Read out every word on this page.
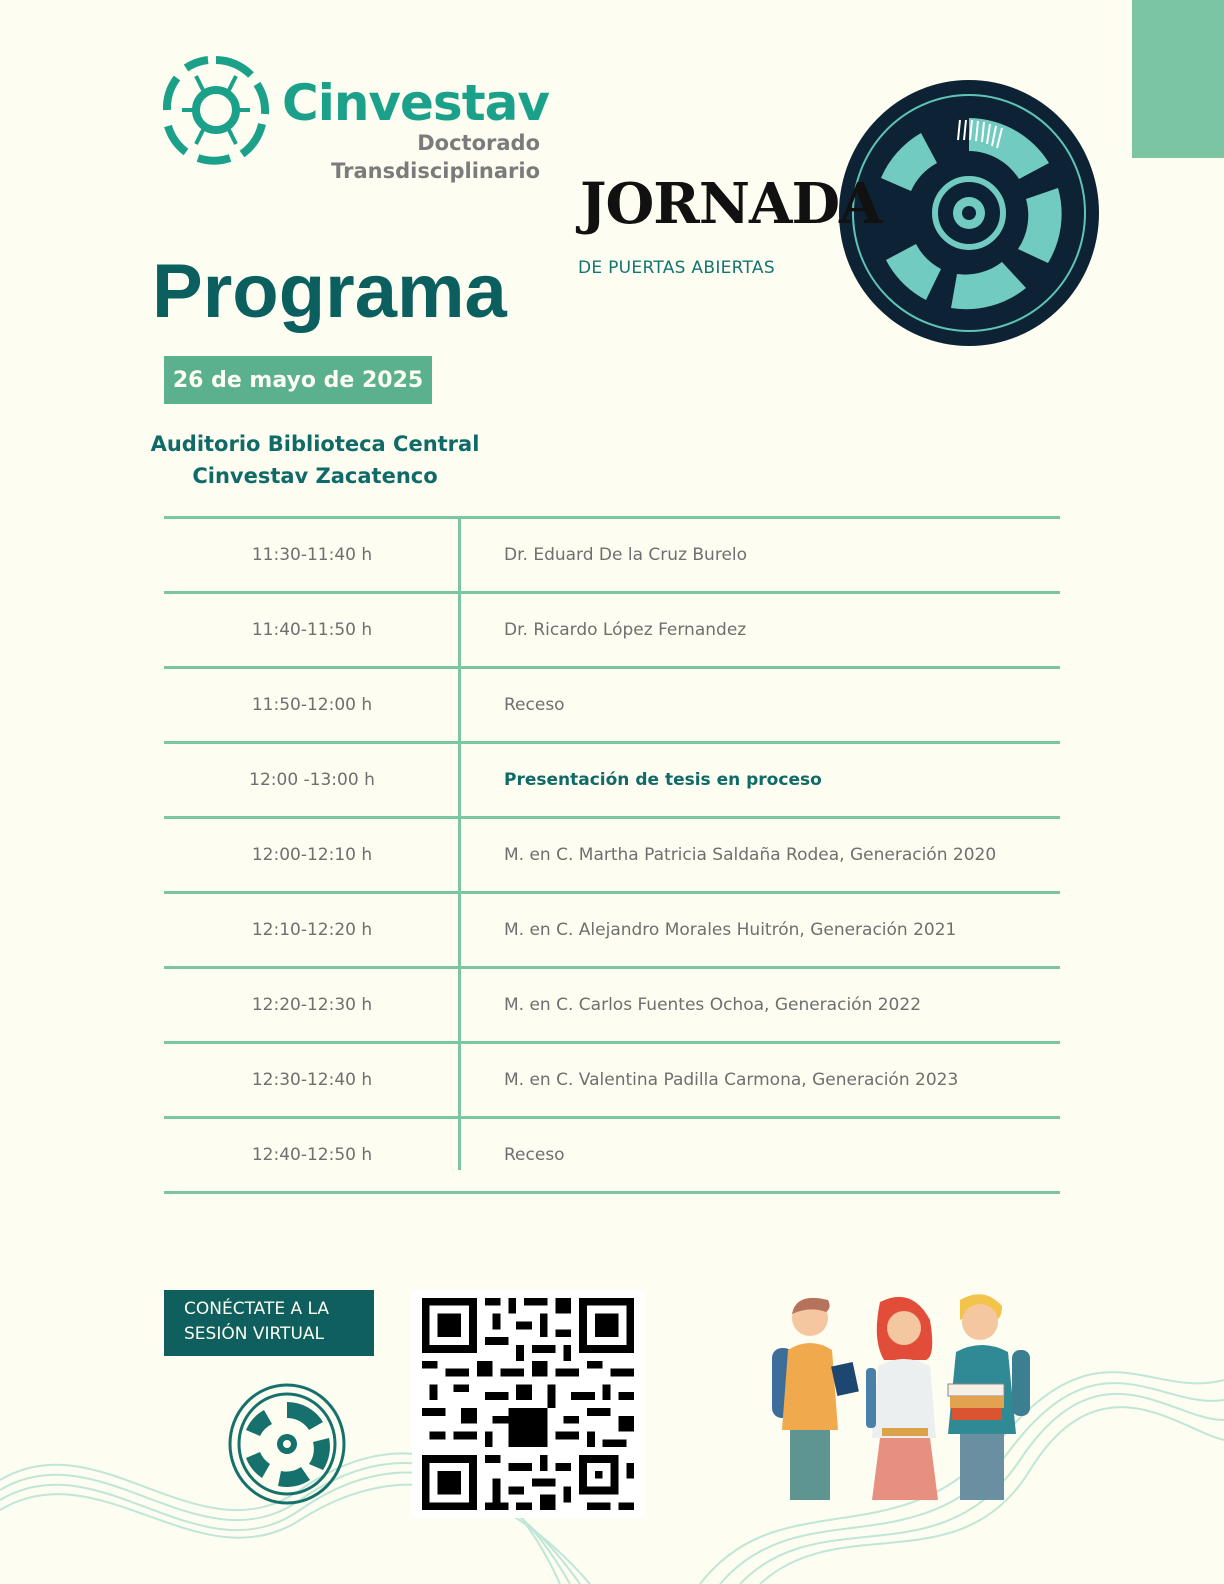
Cinvestav
Doctorado
Transdisciplinario JORNADA
DE PUERTAS ABIERTAS
Programa
26 de mayo de 2025
Auditorio Biblioteca Central
Cinvestav Zacatenco
11:30-11:40 h	Dr. Eduard De la Cruz Burelo
11:40-11:50 h	Dr. Ricardo López Fernandez
11:50-12:00 h	Receso
12:00 -13:00 h	Presentación de tesis en proceso
12:00-12:10 h	M. en C. Martha Patricia Saldaña Rodea, Generación 2020
12:10-12:20 h	M. en C. Alejandro Morales Huitrón, Generación 2021
12:20-12:30 h	M. en C. Carlos Fuentes Ochoa, Generación 2022
12:30-12:40 h	M. en C. Valentina Padilla Carmona, Generación 2023
12:40-12:50 h	Receso
CONÉCTATE A LA
SESIÓN VIRTUAL
